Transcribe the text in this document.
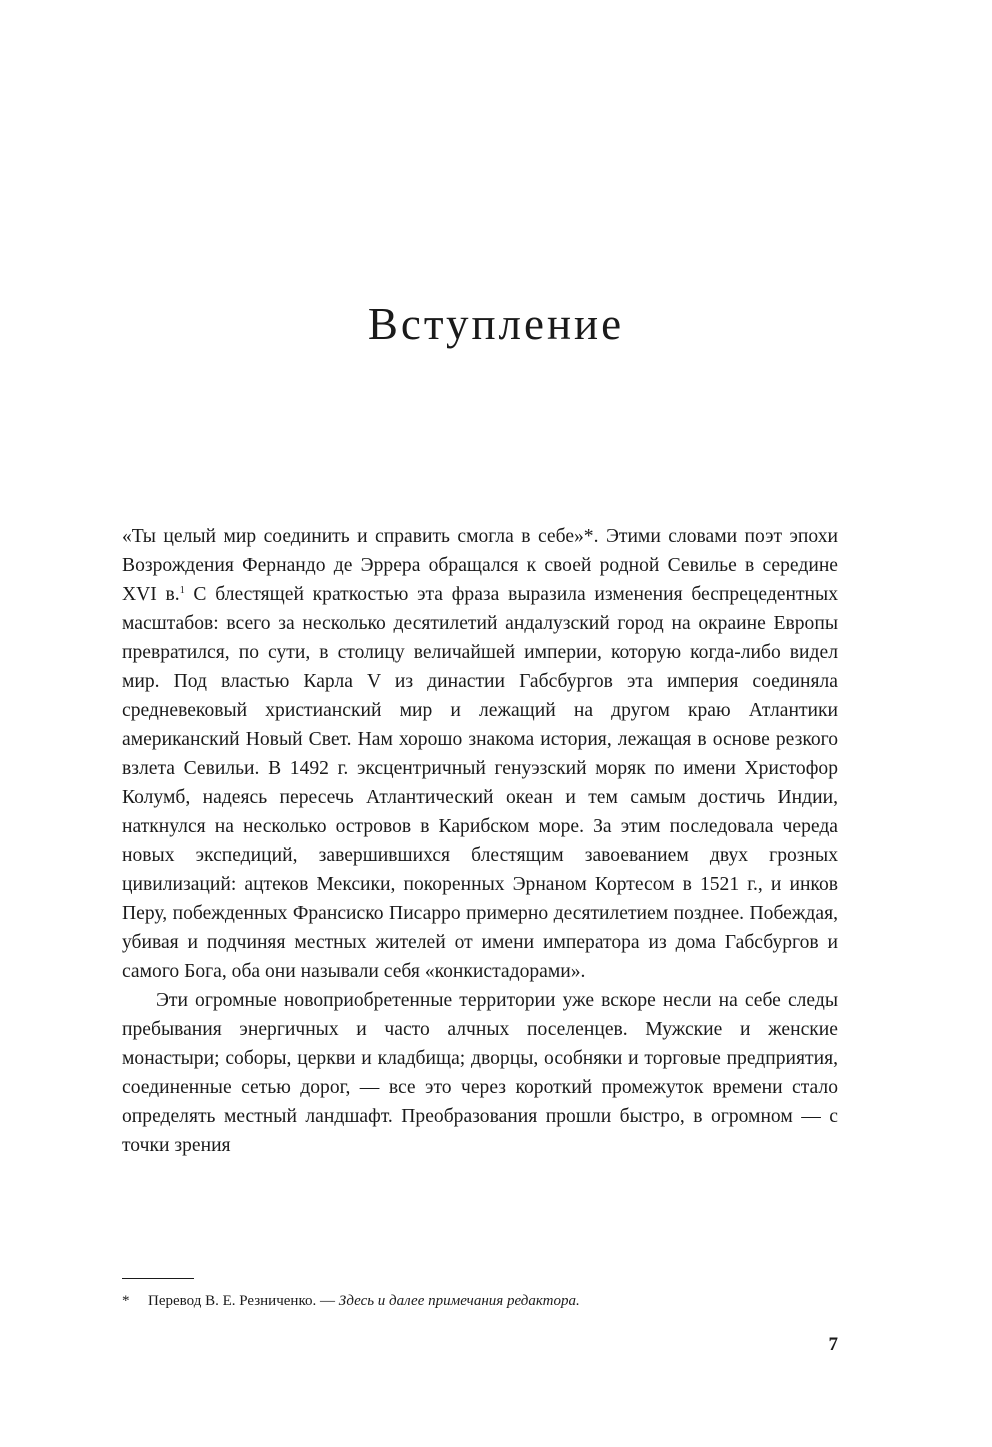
Вступление

«Ты целый мир соединить и справить смогла в себе»*. Этими словами поэт эпохи Возрождения Фернандо де Эррера обращался к своей родной Севилье в середине XVI в.$^1$ С блестящей краткостью эта фраза выразила изменения беспрецедентных масштабов: всего за несколько десятилетий андалузский город на окраине Европы превратился, по сути, в столицу величайшей империи, которую когда-либо видел мир. Под властью Карла V из династии Габсбургов эта империя соединяла средневековый христианский мир и лежащий на другом краю Атлантики американский Новый Свет. Нам хорошо знакома история, лежащая в основе резкого взлета Севильи. В 1492 г. эксцентричный генуэзский моряк по имени Христофор Колумб, надеясь пересечь Атлантический океан и тем самым достичь Индии, наткнулся на несколько островов в Карибском море. За этим последовала череда новых экспедиций, завершившихся блестящим завоеванием двух грозных цивилизаций: ацтеков Мексики, покоренных Эрнаном Кортесом в 1521 г., и инков Перу, побежденных Франсиско Писарро примерно десятилетием позднее. Побеждая, убивая и подчиняя местных жителей от имени императора из дома Габсбургов и самого Бога, оба они называли себя «конкистадорами».

Эти огромные новоприобретенные территории уже вскоре несли на себе следы пребывания энергичных и часто алчных поселенцев. Мужские и женские монастыри; соборы, церкви и кладбища; дворцы, особняки и торговые предприятия, соединенные сетью дорог, — все это через короткий промежуток времени стало определять местный ландшафт. Преобразования прошли быстро, в огромном — с точки зрения

* Перевод В. Е. Резниченко. — Здесь и далее примечания редактора.
7
